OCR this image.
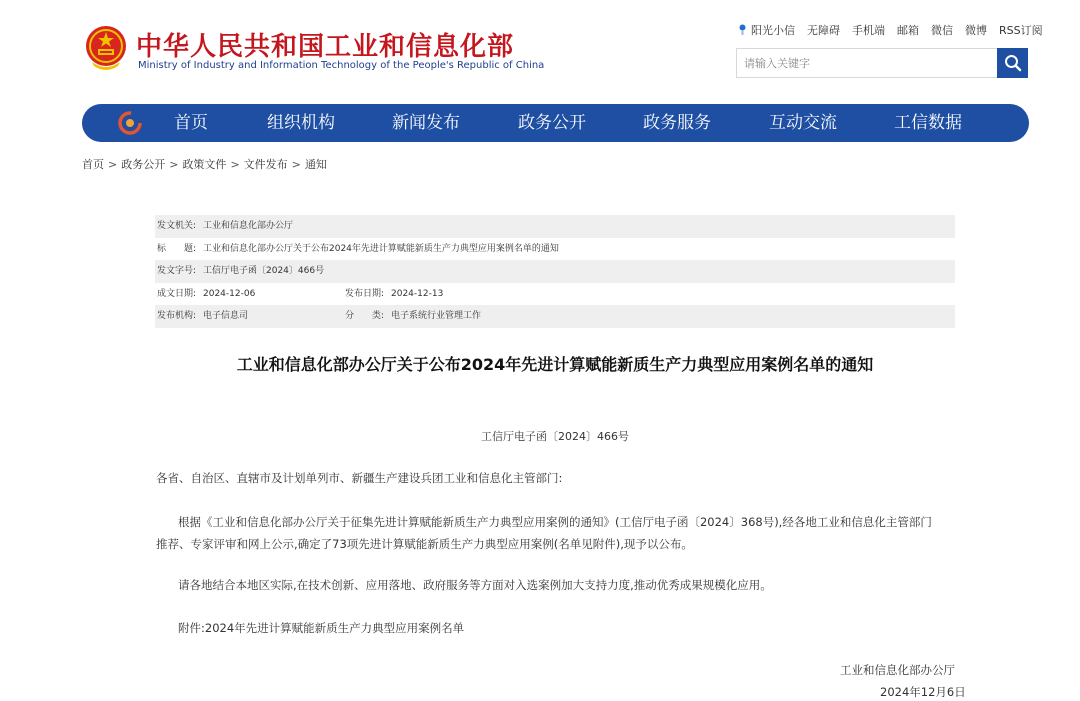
中华人民共和国工业和信息化部
Ministry of Industry and Information Technology of the People's Republic of China
阳光小信 无障碍 手机端 邮箱 微信 微博 RSS订阅
请输入关键字
首页	组织机构	新闻发布	政务公开	政务服务	互动交流	工信数据
首页 > 政务公开 > 政策文件 > 文件发布 > 通知
发文机关: 工业和信息化部办公厅
标　　题: 工业和信息化部办公厅关于公布2024年先进计算赋能新质生产力典型应用案例名单的通知
发文字号: 工信厅电子函〔2024〕466号
成文日期: 2024-12-06	发布日期: 2024-12-13
发布机构: 电子信息司	分　　类: 电子系统行业管理工作
工业和信息化部办公厅关于公布2024年先进计算赋能新质生产力典型应用案例名单的通知
工信厅电子函〔2024〕466号
各省、自治区、直辖市及计划单列市、新疆生产建设兵团工业和信息化主管部门:
根据《工业和信息化部办公厅关于征集先进计算赋能新质生产力典型应用案例的通知》(工信厅电子函〔2024〕368号),经各地工业和信息化主管部门
推荐、专家评审和网上公示,确定了73项先进计算赋能新质生产力典型应用案例(名单见附件),现予以公布。
请各地结合本地区实际,在技术创新、应用落地、政府服务等方面对入选案例加大支持力度,推动优秀成果规模化应用。
附件:2024年先进计算赋能新质生产力典型应用案例名单
工业和信息化部办公厅
2024年12月6日
